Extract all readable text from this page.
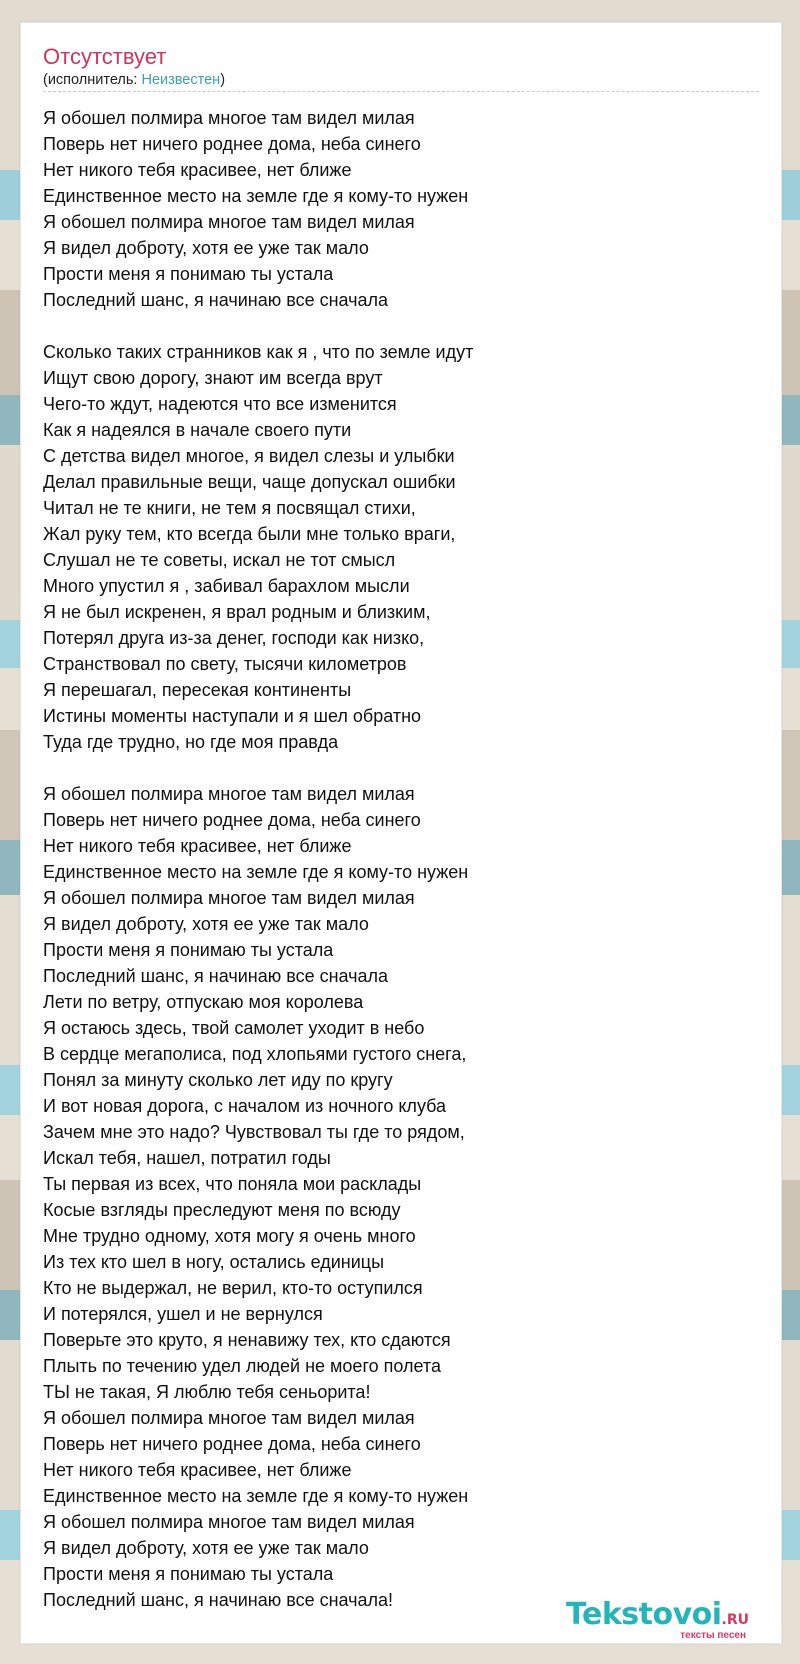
Отсутствует
(исполнитель: Неизвестен)
Я обошел полмира многое там видел милая
Поверь нет ничего роднее дома, неба синего
Нет никого тебя красивее, нет ближе
Единственное место на земле где я кому-то нужен
Я обошел полмира многое там видел милая
Я видел доброту, хотя ее уже так мало
Прости меня я понимаю ты устала
Последний шанс, я начинаю все сначала
Сколько таких странников как я , что по земле идут
Ищут свою дорогу, знают им всегда врут
Чего-то ждут, надеются что все изменится
Как я надеялся в начале своего пути
С детства видел многое, я видел слезы и улыбки
Делал правильные вещи, чаще допускал ошибки
Читал не те книги, не тем я посвящал стихи,
Жал руку тем, кто всегда были мне только враги,
Слушал не те советы, искал не тот смысл
Много упустил я , забивал барахлом мысли
Я не был искренен, я врал родным и близким,
Потерял друга из-за денег, господи как низко,
Странствовал по свету, тысячи километров
Я перешагал, пересекая континенты
Истины моменты наступали и я шел обратно
Туда где трудно, но где моя правда
Я обошел полмира многое там видел милая
Поверь нет ничего роднее дома, неба синего
Нет никого тебя красивее, нет ближе
Единственное место на земле где я кому-то нужен
Я обошел полмира многое там видел милая
Я видел доброту, хотя ее уже так мало
Прости меня я понимаю ты устала
Последний шанс, я начинаю все сначала
Лети по ветру, отпускаю моя королева
Я остаюсь здесь, твой самолет уходит в небо
В сердце мегаполиса, под хлопьями густого снега,
Понял за минуту сколько лет иду по кругу
И вот новая дорога, с началом из ночного клуба
Зачем мне это надо? Чувствовал ты где то рядом,
Искал тебя, нашел, потратил годы
Ты первая из всех, что поняла мои расклады
Косые взгляды преследуют меня по всюду
Мне трудно одному, хотя могу я очень много
Из тех кто шел в ногу, остались единицы
Кто не выдержал, не верил, кто-то оступился
И потерялся, ушел и не вернулся
Поверьте это круто, я ненавижу тех, кто сдаются
Плыть по течению удел людей не моего полета
ТЫ не такая, Я люблю тебя сеньорита!
Я обошел полмира многое там видел милая
Поверь нет ничего роднее дома, неба синего
Нет никого тебя красивее, нет ближе
Единственное место на земле где я кому-то нужен
Я обошел полмира многое там видел милая
Я видел доброту, хотя ее уже так мало
Прости меня я понимаю ты устала
Последний шанс, я начинаю все сначала!	Tekstovoi.RU
тексты песен
